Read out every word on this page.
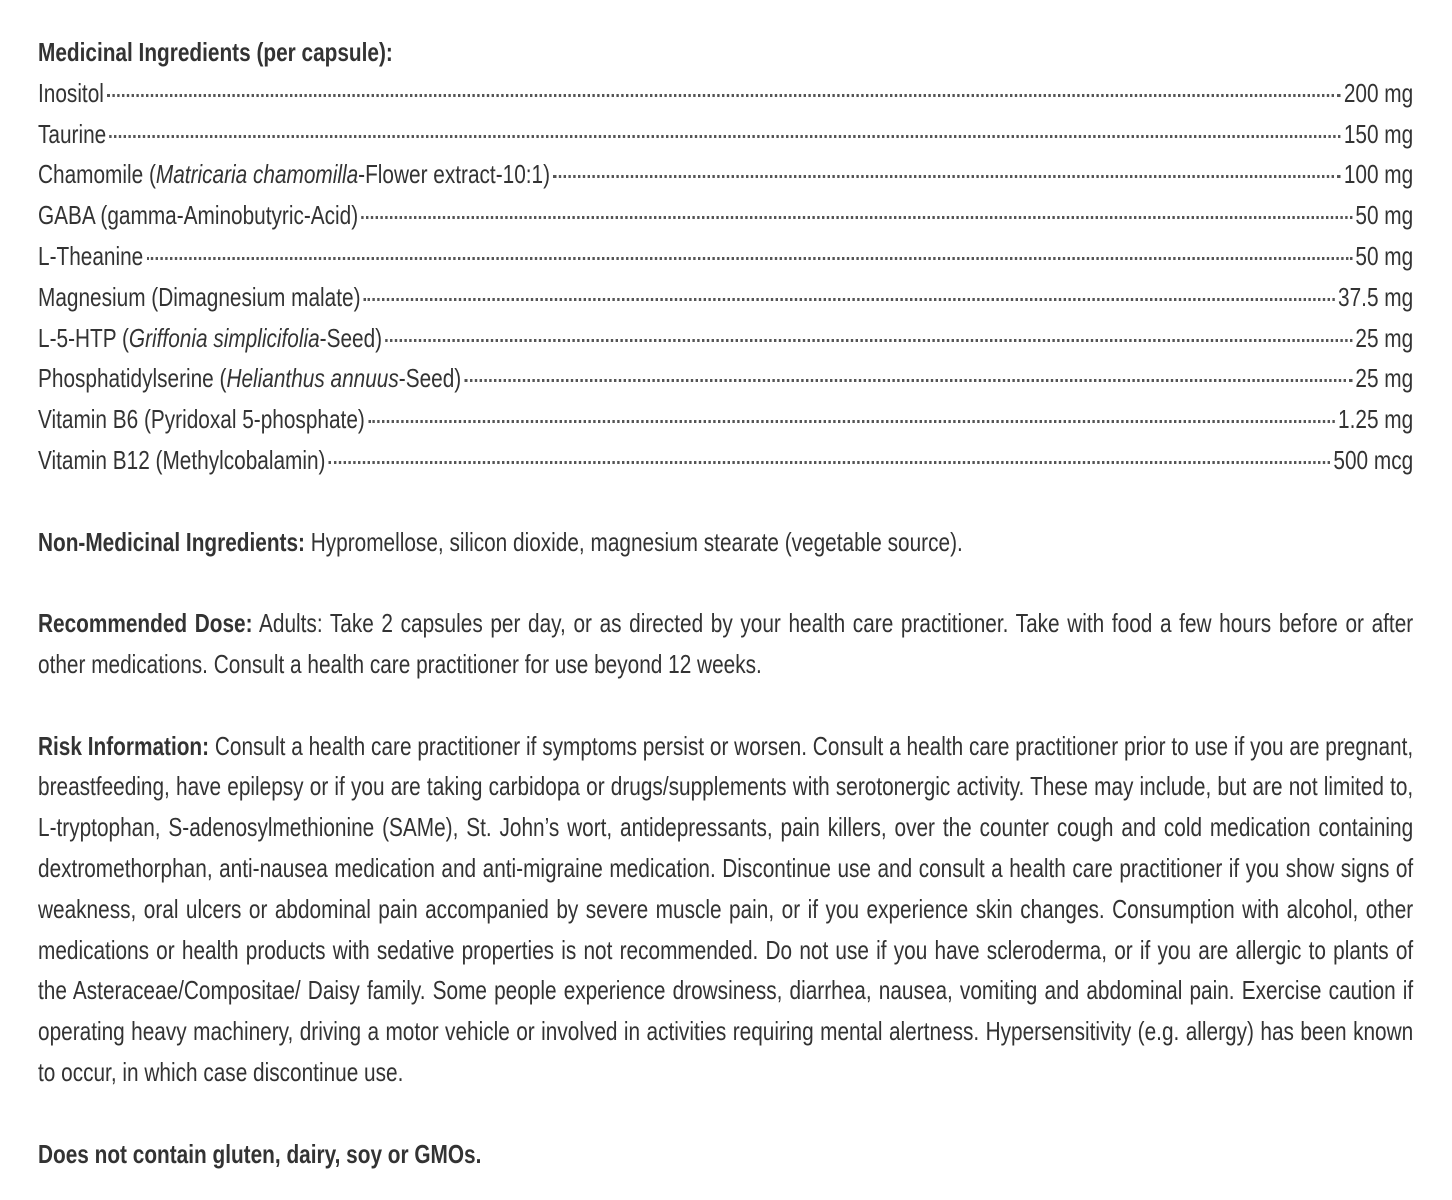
Medicinal Ingredients (per capsule):
Inositol	200 mg
Taurine	150 mg
Chamomile (Matricaria chamomilla-Flower extract-10:1)	100 mg
GABA (gamma-Aminobutyric-Acid)	50 mg
L-Theanine	50 mg
Magnesium (Dimagnesium malate)	37.5 mg
L-5-HTP (Griffonia simplicifolia-Seed)	25 mg
Phosphatidylserine (Helianthus annuus-Seed)	25 mg
Vitamin B6 (Pyridoxal 5-phosphate)	1.25 mg
Vitamin B12 (Methylcobalamin)	500 mcg

Non-Medicinal Ingredients: Hypromellose, silicon dioxide, magnesium stearate (vegetable source).

Recommended Dose: Adults: Take 2 capsules per day, or as directed by your health care practitioner. Take with food a few hours before or after other medications. Consult a health care practitioner for use beyond 12 weeks.

Risk Information: Consult a health care practitioner if symptoms persist or worsen. Consult a health care practitioner prior to use if you are pregnant, breastfeeding, have epilepsy or if you are taking carbidopa or drugs/supplements with serotonergic activity. These may include, but are not limited to, L-tryptophan, S-adenosylmethionine (SAMe), St. John’s wort, antidepressants, pain killers, over the counter cough and cold medication containing dextromethorphan, anti-nausea medication and anti-migraine medication. Discontinue use and consult a health care practitioner if you show signs of weakness, oral ulcers or abdominal pain accompanied by severe muscle pain, or if you experience skin changes. Consumption with alcohol, other medications or health products with sedative properties is not recommended. Do not use if you have scleroderma, or if you are allergic to plants of the Asteraceae/Compositae/ Daisy family. Some people experience drowsiness, diarrhea, nausea, vomiting and abdominal pain. Exercise caution if operating heavy machinery, driving a motor vehicle or involved in activities requiring mental alertness. Hypersensitivity (e.g. allergy) has been known to occur, in which case discontinue use.

Does not contain gluten, dairy, soy or GMOs.
